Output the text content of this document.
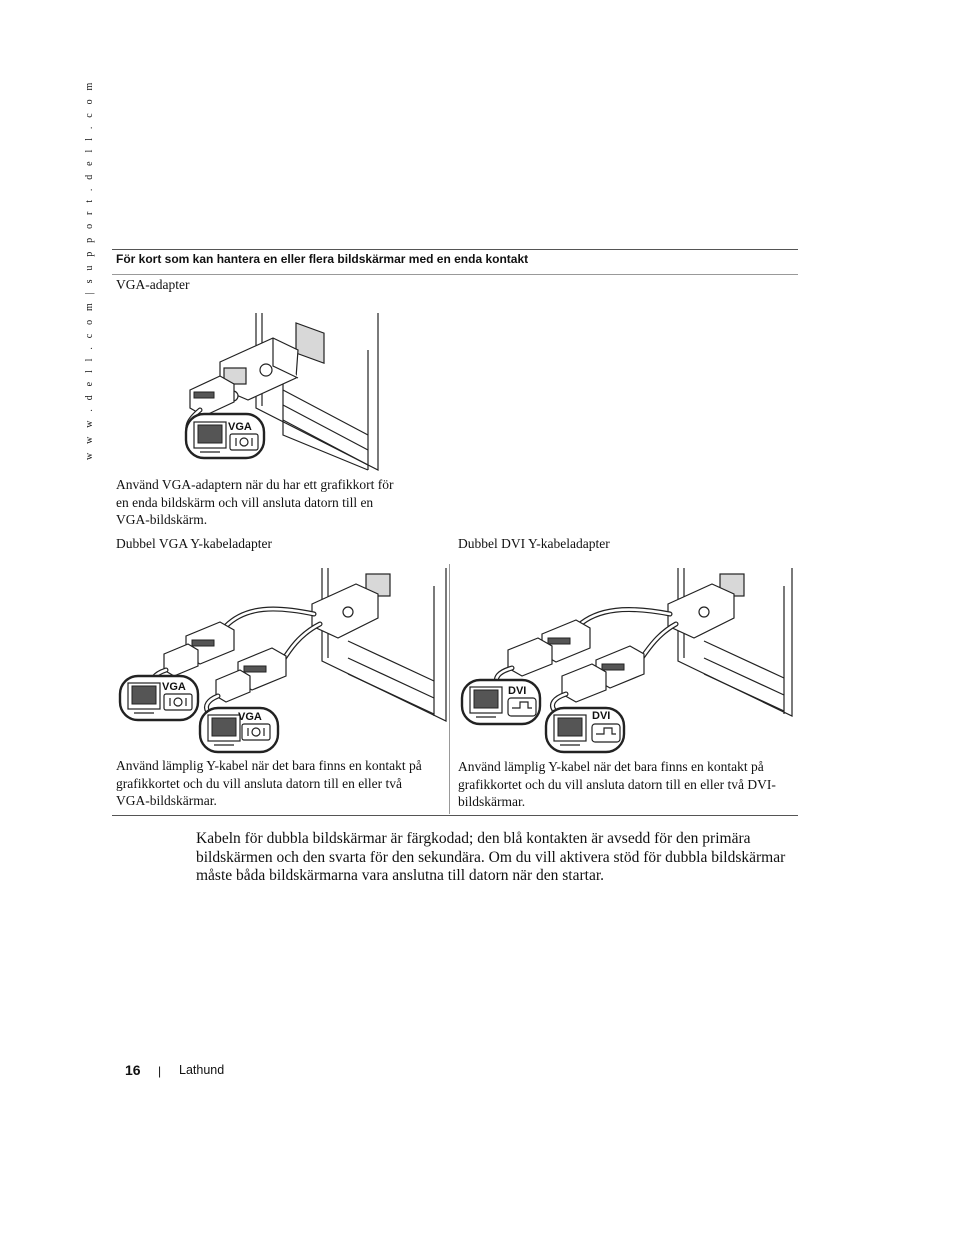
w w w . d e l l . c o m | s u p p o r t . d e l l . c o m För kort som kan hantera en eller flera bildskärmar med en enda kontakt
VGA-adapter
VGA
Använd VGA-adaptern när du har ett grafikkort för en enda bildskärm och vill ansluta datorn till en VGA-bildskärm.
Dubbel VGA Y-kabeladapter	Dubbel DVI Y-kabeladapter
VGA
VGA
DVI
DVI
Använd lämplig Y-kabel när det bara finns en kontakt på grafikkortet och du vill ansluta datorn till en eller två VGA-bildskärmar.
Använd lämplig Y-kabel när det bara finns en kontakt på grafikkortet och du vill ansluta datorn till en eller två DVI-bildskärmar.
Kabeln för dubbla bildskärmar är färgkodad; den blå kontakten är avsedd för den primära bildskärmen och den svarta för den sekundära. Om du vill aktivera stöd för dubbla bildskärmar måste båda bildskärmarna vara anslutna till datorn när den startar.
16 | Lathund
